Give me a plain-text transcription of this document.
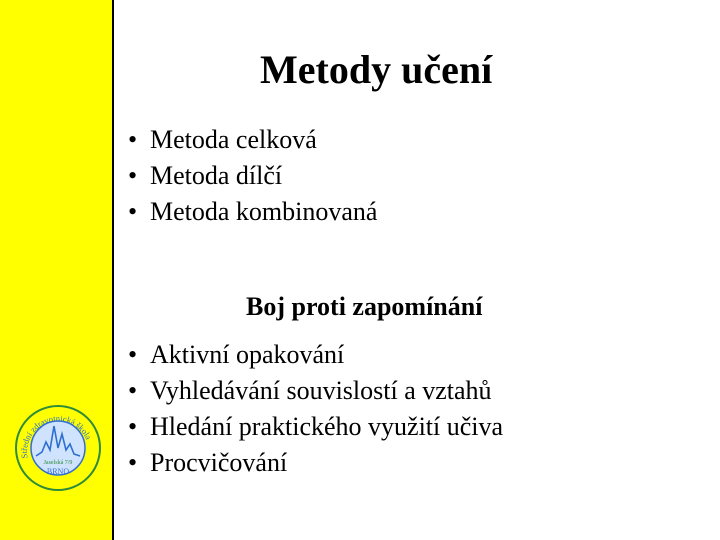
Střední zdravotnická škola
Jaselská 7/9
BRNO
Metody učení
• Metoda celková
• Metoda dílčí
• Metoda kombinovaná
Boj proti zapomínání
• Aktivní opakování
• Vyhledávání souvislostí a vztahů
• Hledání praktického využití učiva
• Procvičování
